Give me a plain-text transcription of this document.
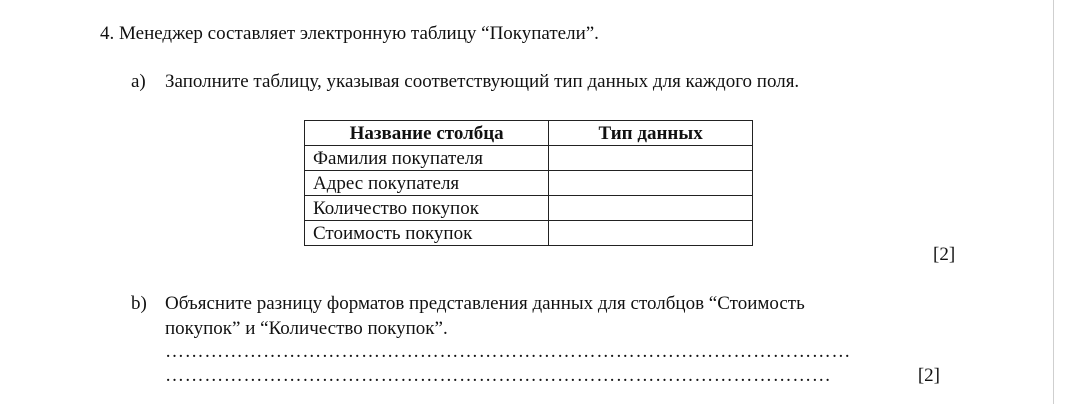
4. Менеджер составляет электронную таблицу “Покупатели”.
a) Заполните таблицу, указывая соответствующий тип данных для каждого поля.
Название столбца	Тип данных
Фамилия покупателя	
Адрес покупателя	
Количество покупок	
Стоимость покупок	
[2]
b) Объясните разницу форматов представления данных для столбцов “Стоимость
покупок” и “Количество покупок”.
……………………………………………………………………………………………
…………………………………………………………………………………………	[2]
